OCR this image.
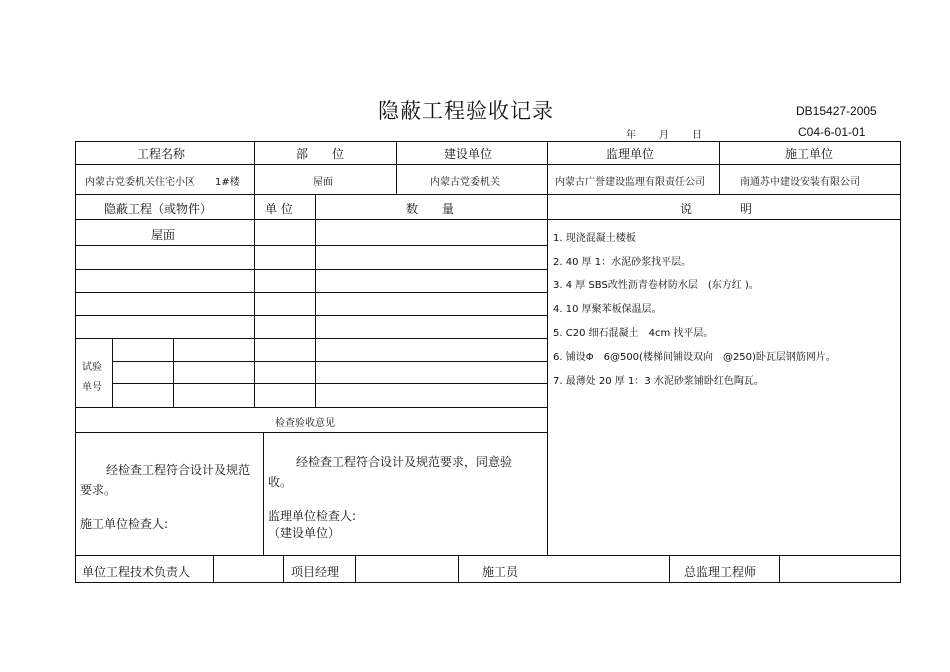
隐蔽工程验收记录	DB15427-2005
C04-6-01-01
年 月 日
工程名称	部　　位	建设单位	监理单位	施工单位
内蒙古党委机关住宅小区　　1#楼	屋面	内蒙古党委机关	内蒙古广誉建设监理有限责任公司	南通苏中建设安装有限公司
隐蔽工程（或物件）	单 位	数　　量	说　　　　明
屋面
试验
单号
1. 现浇混凝土楼板
2. 40 厚 1：水泥砂浆找平层。
3. 4 厚 SBS改性沥青卷材防水层　(东方红 )。
4. 10 厚聚苯板保温层。
5. C20 细石混凝土　4cm 找平层。
6. 铺设Φ　6@500(楼梯间铺设双向　@250)卧瓦层钢筋网片。
7. 最薄处 20 厚 1：3 水泥砂浆铺卧红色陶瓦。
检查验收意见
经检查工程符合设计及规范要求。
施工单位检查人:
经检查工程符合设计及规范要求，同意验收。
监理单位检查人:
（建设单位）
单位工程技术负责人	项目经理	施工员	总监理工程师
